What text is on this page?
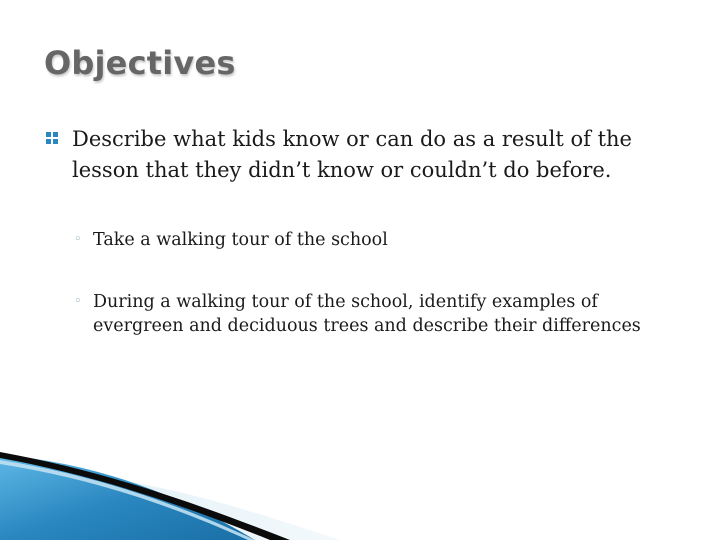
Objectives
Describe what kids know or can do as a result of the lesson that they didn’t know or couldn’t do before.
◦ Take a walking tour of the school
◦ During a walking tour of the school, identify examples of evergreen and deciduous trees and describe their differences
